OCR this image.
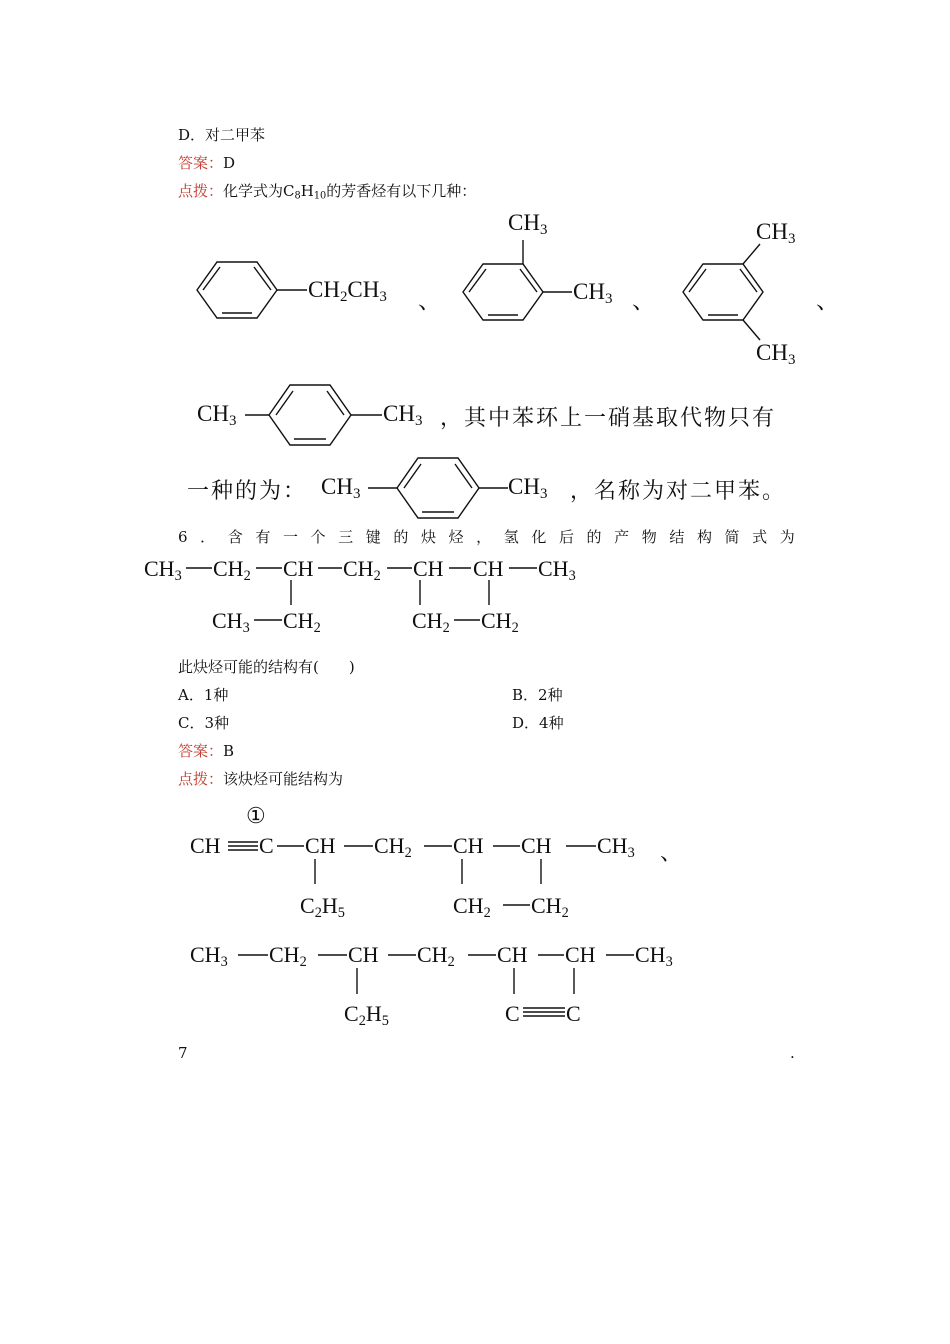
D．对二甲苯
答案：D
点拨：化学式为$C_8H_{10}$的芳香烃有以下几种：
$CH_2CH_3$ 、
$CH_3$
$CH_3$ 、
$CH_3$
$CH_3$
、
$CH_3$	$CH_3$ ，其中苯环上一硝基取代物只有
一种的为： $CH_3$	$CH_3$ ，名称为对二甲苯。
6．含有一个三键的炔烃，氢化后的产物结构简式为
$CH_3$ $CH_2$ CH $CH_2$ CH CH $CH_3$
$CH_3$ $CH_2$	$CH_2$ $CH_2$
此炔烃可能的结构有(　　)
A．1种	B．2种
C．3种	D．4种
答案：B
点拨：该炔烃可能结构为
①
CH C CH $CH_2$ CH CH $CH_3$ 、
$C_2H_5$	$CH_2$ $CH_2$
$CH_3$ $CH_2$ CH $CH_2$ CH CH $CH_3$
$C_2H_5$	C C
7	.
